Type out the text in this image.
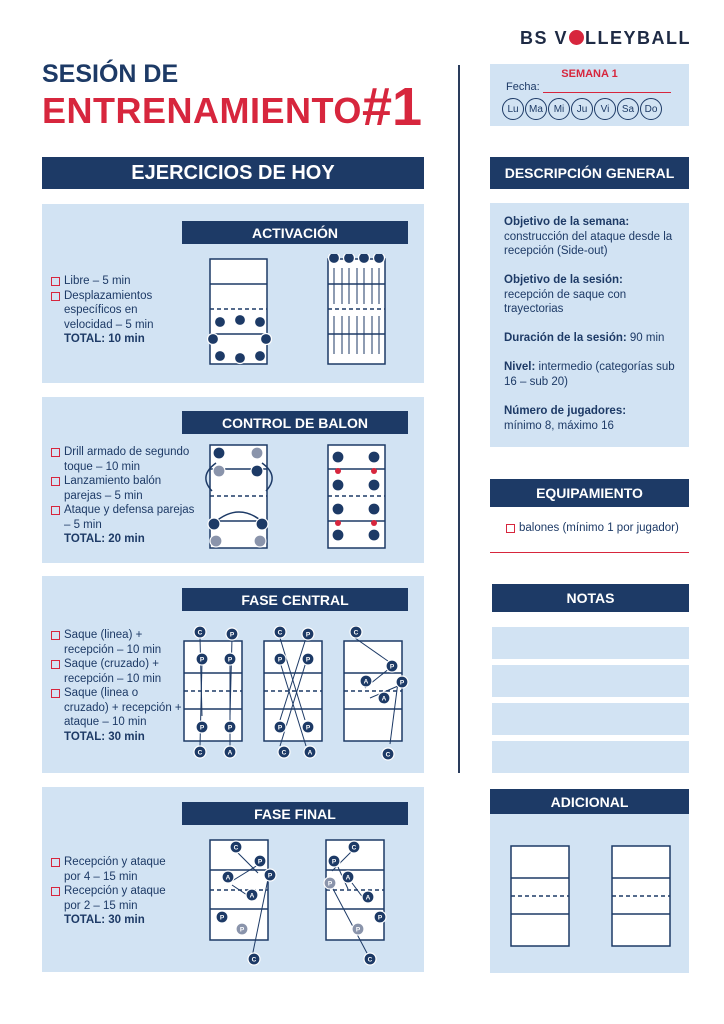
BS V LLEYBALL
SESIÓN DE
ENTRENAMIENTO #1
SEMANA 1
Fecha:
Lu	Ma	Mi	Ju	Vi	Sa	Do
EJERCICIOS DE HOY
ACTIVACIÓN
Libre – 5 min
Desplazamientos específicos en velocidad – 5 min
TOTAL: 10 min
CONTROL DE BALON
Drill armado de segundo toque – 10 min
Lanzamiento balón parejas – 5 min
Ataque y defensa parejas – 5 min
TOTAL: 20 min
FASE CENTRAL
Saque (linea) + recepción – 10 min
Saque (cruzado) + recepción – 10 min
Saque (linea o cruzado) + recepción + ataque – 10 min
TOTAL: 30 min
C	P
P	P
P	P
C	A
C	P
P	P
P	P
C	A
C
P
A	P
A
C
FASE FINAL
Recepción y ataque por 4 – 15 min
Recepción y ataque por 2 – 15 min
TOTAL: 30 min
C
P
A	P
A
P
P
C
C
P
P
A
A
P
P
C
DESCRIPCIÓN GENERAL
Objetivo de la semana:
construcción del ataque desde la recepción (Side-out)
Objetivo de la sesión:
recepción de saque con trayectorias
Duración de la sesión: 90 min
Nivel: intermedio (categorías sub 16 – sub 20)
Número de jugadores:
mínimo 8, máximo 16
EQUIPAMIENTO
balones (mínimo 1 por jugador)
NOTAS
ADICIONAL
